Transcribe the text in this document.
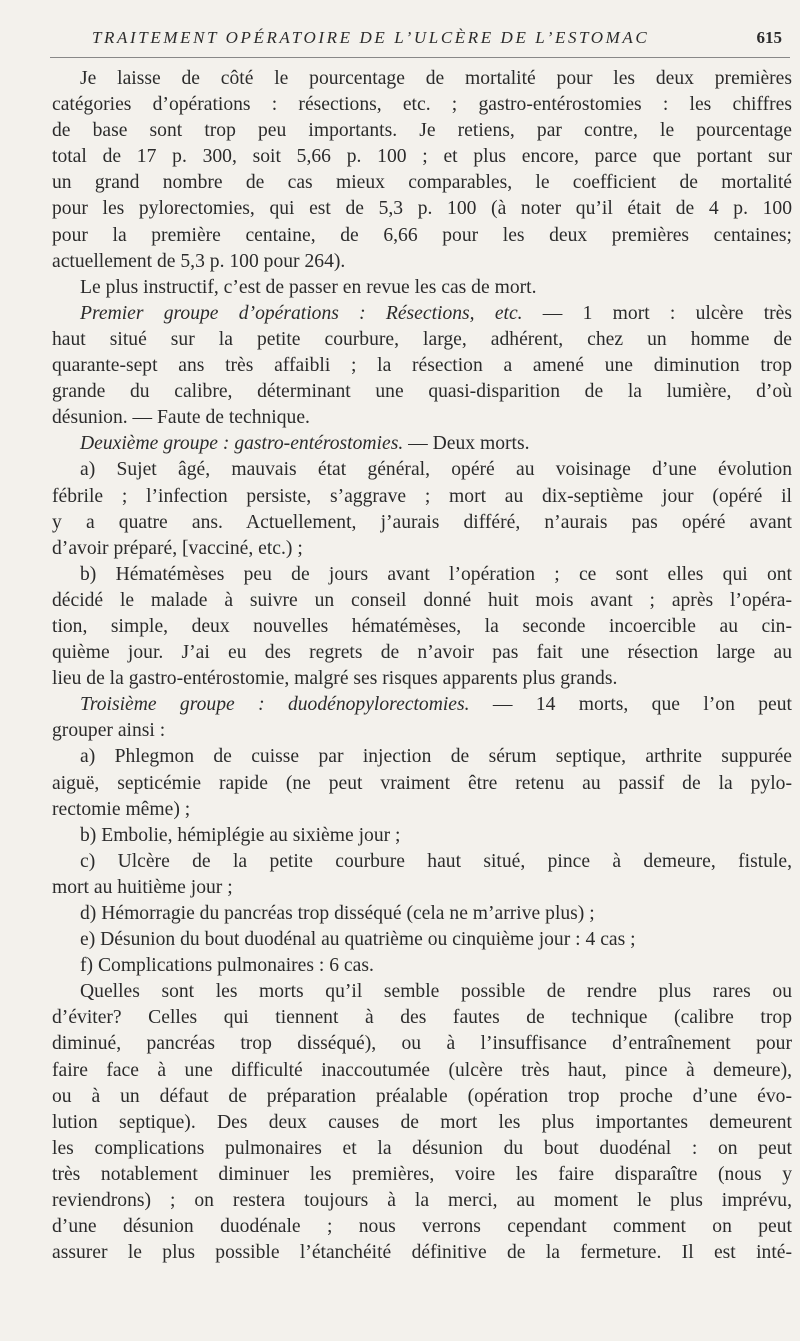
TRAITEMENT OPÉRATOIRE DE L’ULCÈRE DE L’ESTOMAC	615
Je laisse de côté le pourcentage de mortalité pour les deux premières
catégories d’opérations : résections, etc. ; gastro-entérostomies : les chiffres
de base sont trop peu importants. Je retiens, par contre, le pourcentage
total de 17 p. 300, soit 5,66 p. 100 ; et plus encore, parce que portant sur
un grand nombre de cas mieux comparables, le coefficient de mortalité
pour les pylorectomies, qui est de 5,3 p. 100 (à noter qu’il était de 4 p. 100
pour la première centaine, de 6,66 pour les deux premières centaines;
actuellement de 5,3 p. 100 pour 264).
Le plus instructif, c’est de passer en revue les cas de mort.
Premier groupe d’opérations : Résections, etc. — 1 mort : ulcère très
haut situé sur la petite courbure, large, adhérent, chez un homme de
quarante-sept ans très affaibli ; la résection a amené une diminution trop
grande du calibre, déterminant une quasi-disparition de la lumière, d’où
désunion. — Faute de technique.
Deuxième groupe : gastro-entérostomies. — Deux morts.
a) Sujet âgé, mauvais état général, opéré au voisinage d’une évolution
fébrile ; l’infection persiste, s’aggrave ; mort au dix-septième jour (opéré il
y a quatre ans. Actuellement, j’aurais différé, n’aurais pas opéré avant
d’avoir préparé, [vacciné, etc.) ;
b) Hématémèses peu de jours avant l’opération ; ce sont elles qui ont
décidé le malade à suivre un conseil donné huit mois avant ; après l’opéra-
tion, simple, deux nouvelles hématémèses, la seconde incoercible au cin-
quième jour. J’ai eu des regrets de n’avoir pas fait une résection large au
lieu de la gastro-entérostomie, malgré ses risques apparents plus grands.
Troisième groupe : duodénopylorectomies. — 14 morts, que l’on peut
grouper ainsi :
a) Phlegmon de cuisse par injection de sérum septique, arthrite suppurée
aiguë, septicémie rapide (ne peut vraiment être retenu au passif de la pylo-
rectomie même) ;
b) Embolie, hémiplégie au sixième jour ;
c) Ulcère de la petite courbure haut situé, pince à demeure, fistule,
mort au huitième jour ;
d) Hémorragie du pancréas trop disséqué (cela ne m’arrive plus) ;
e) Désunion du bout duodénal au quatrième ou cinquième jour : 4 cas ;
f) Complications pulmonaires : 6 cas.
Quelles sont les morts qu’il semble possible de rendre plus rares ou
d’éviter? Celles qui tiennent à des fautes de technique (calibre trop
diminué, pancréas trop disséqué), ou à l’insuffisance d’entraînement pour
faire face à une difficulté inaccoutumée (ulcère très haut, pince à demeure),
ou à un défaut de préparation préalable (opération trop proche d’une évo-
lution septique). Des deux causes de mort les plus importantes demeurent
les complications pulmonaires et la désunion du bout duodénal : on peut
très notablement diminuer les premières, voire les faire disparaître (nous y
reviendrons) ; on restera toujours à la merci, au moment le plus imprévu,
d’une désunion duodénale ; nous verrons cependant comment on peut
assurer le plus possible l’étanchéité définitive de la fermeture. Il est inté-
